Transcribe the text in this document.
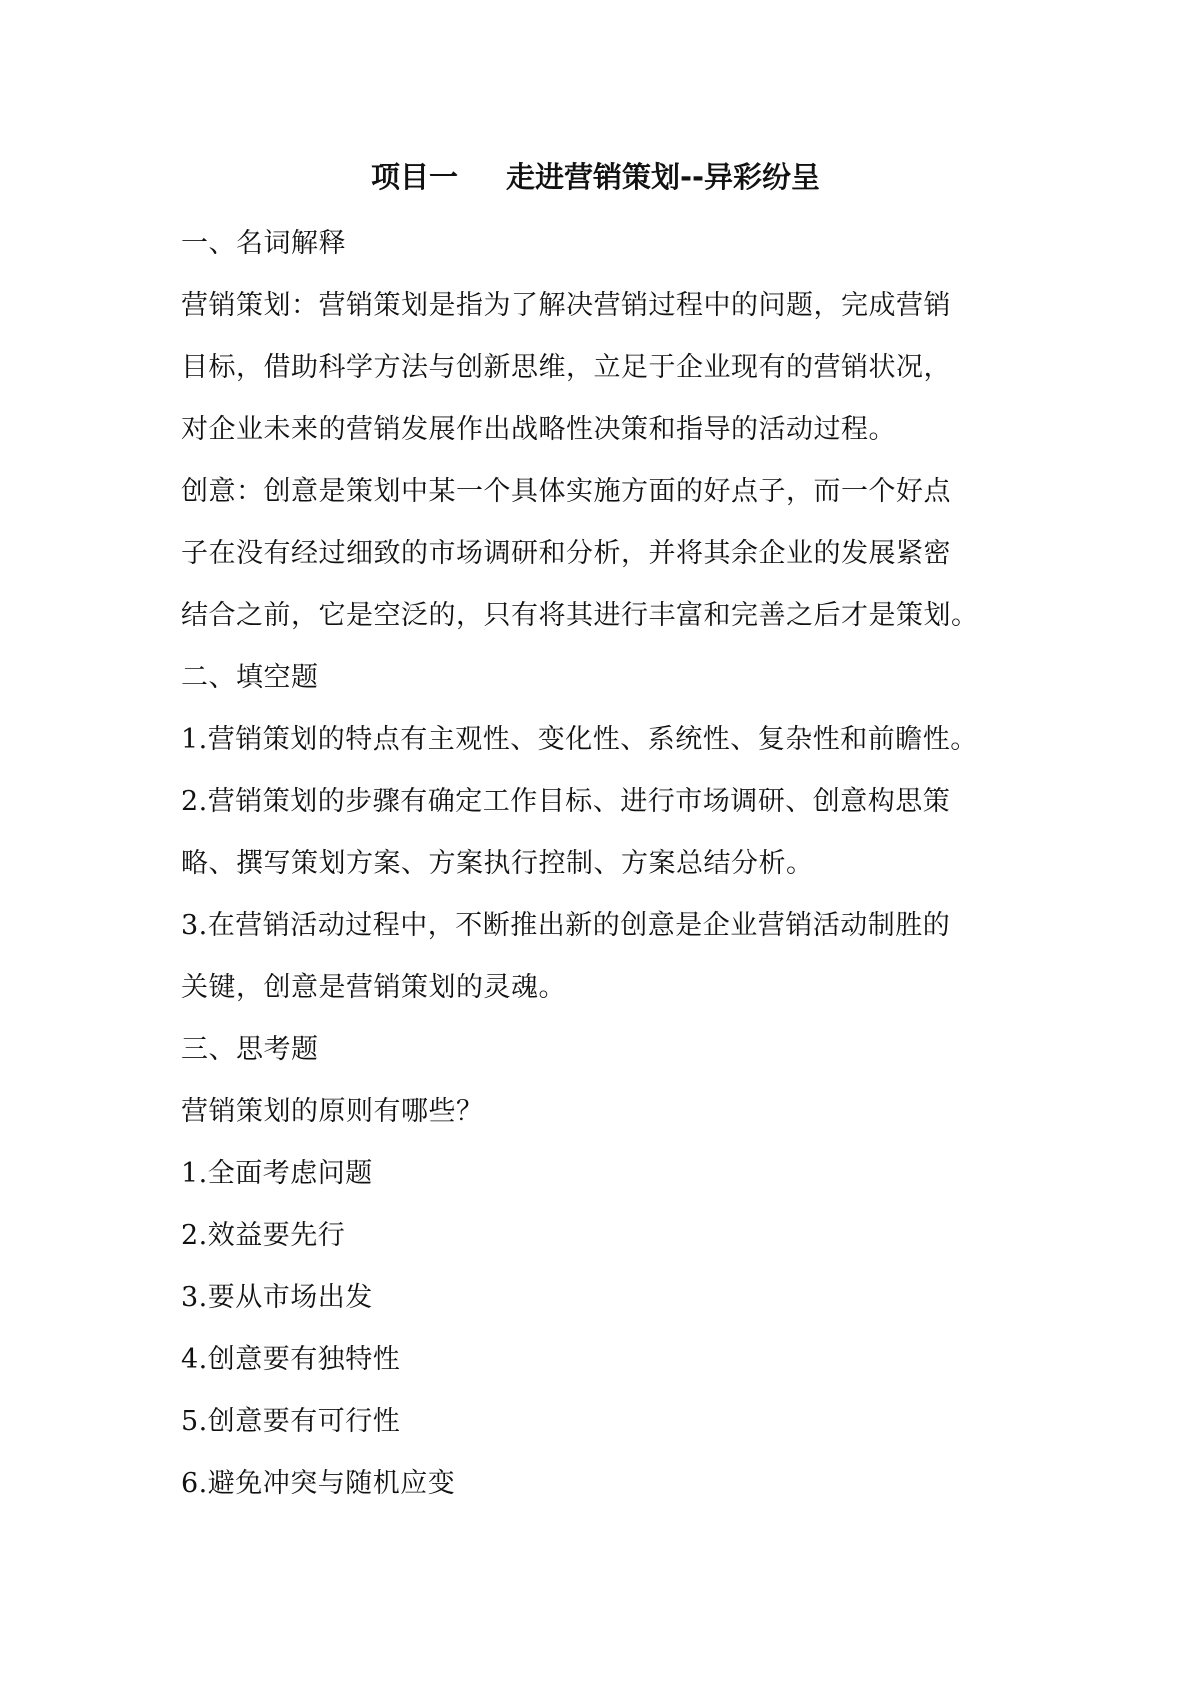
项目一 走进营销策划--异彩纷呈
一、名词解释
营销策划：营销策划是指为了解决营销过程中的问题，完成营销
目标，借助科学方法与创新思维，立足于企业现有的营销状况，
对企业未来的营销发展作出战略性决策和指导的活动过程。
创意：创意是策划中某一个具体实施方面的好点子，而一个好点
子在没有经过细致的市场调研和分析，并将其余企业的发展紧密
结合之前，它是空泛的，只有将其进行丰富和完善之后才是策划。
二、填空题
1.营销策划的特点有主观性、变化性、系统性、复杂性和前瞻性。
2.营销策划的步骤有确定工作目标、进行市场调研、创意构思策
略、撰写策划方案、方案执行控制、方案总结分析。
3.在营销活动过程中，不断推出新的创意是企业营销活动制胜的
关键，创意是营销策划的灵魂。
三、思考题
营销策划的原则有哪些？
1.全面考虑问题
2.效益要先行
3.要从市场出发
4.创意要有独特性
5.创意要有可行性
6.避免冲突与随机应变
